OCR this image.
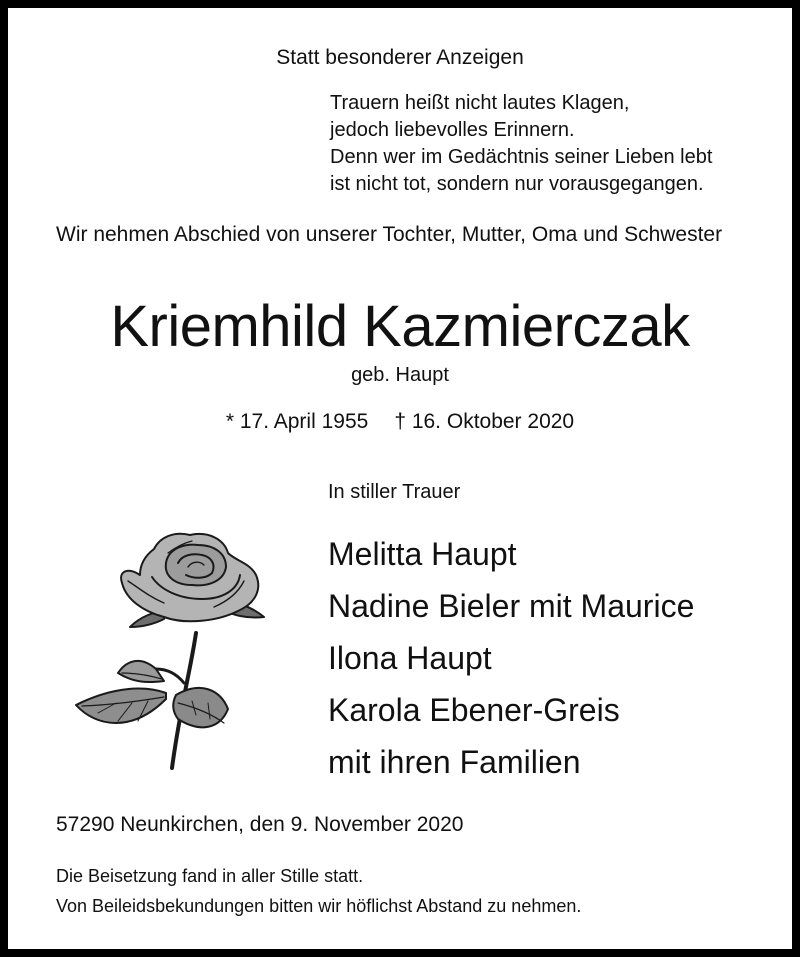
Statt besonderer Anzeigen
Trauern heißt nicht lautes Klagen,
jedoch liebevolles Erinnern.
Denn wer im Gedächtnis seiner Lieben lebt
ist nicht tot, sondern nur vorausgegangen.
Wir nehmen Abschied von unserer Tochter, Mutter, Oma und Schwester
Kriemhild Kazmierczak
geb. Haupt
* 17. April 1955 † 16. Oktober 2020
In stiller Trauer
Melitta Haupt
Nadine Bieler mit Maurice
Ilona Haupt
Karola Ebener-Greis
mit ihren Familien
57290 Neunkirchen, den 9. November 2020
Die Beisetzung fand in aller Stille statt.
Von Beileidsbekundungen bitten wir höflichst Abstand zu nehmen.
